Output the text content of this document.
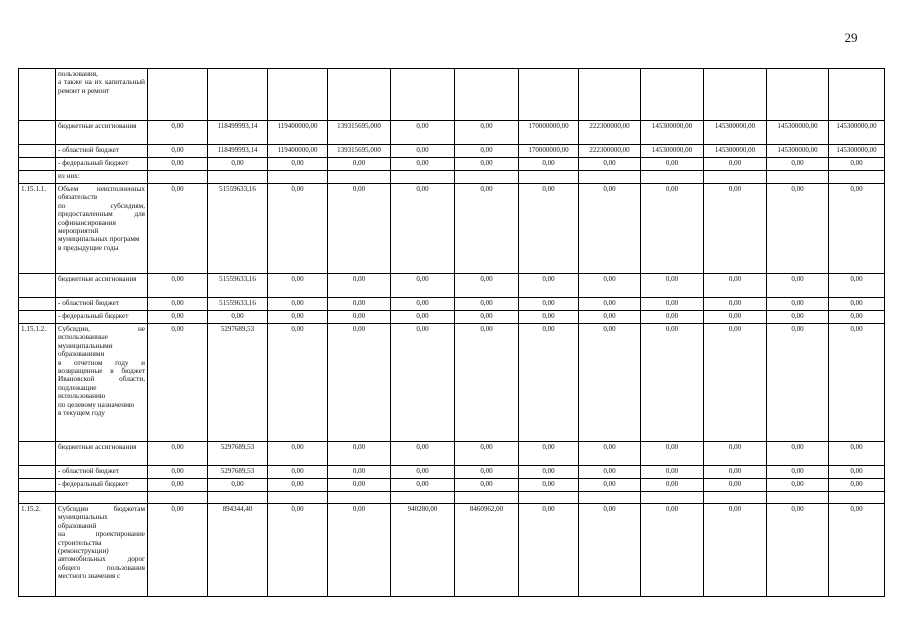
29
	пользования,
а также на их капитальный ремонт и ремонт												
	бюджетные ассигнования	0,00	118499993,14	119400000,00	139315695,000	0,00	0,00	170000000,00	222300000,00	145300000,00	145300000,00	145300000,00	145300000,00
	- областной бюджет	0,00	118499993,14	119400000,00	139315695,000	0,00	0,00	170000000,00	222300000,00	145300000,00	145300000,00	145300000,00	145300000,00
	- федеральный бюджет	0,00	0,00	0,00	0,00	0,00	0,00	0,00	0,00	0,00	0,00	0,00	0,00
	из них:												
1.15.1.1.	Объем неисполненных обязательств
по субсидиям, предоставленным для софинансирования мероприятий муниципальных программ
в предыдущие годы	0,00	51559633,16	0,00	0,00	0,00	0,00	0,00	0,00	0,00	0,00	0,00	0,00
	бюджетные ассигнования	0,00	51559633,16	0,00	0,00	0,00	0,00	0,00	0,00	0,00	0,00	0,00	0,00
	- областной бюджет	0,00	51559633,16	0,00	0,00	0,00	0,00	0,00	0,00	0,00	0,00	0,00	0,00
	- федеральный бюджет	0,00	0,00	0,00	0,00	0,00	0,00	0,00	0,00	0,00	0,00	0,00	0,00
1.15.1.2.	Субсидии, не использованные муниципальными образованиями
в отчетном году и возвращенные в бюджет Ивановской области, подлежащие использованию
по целевому назначению
в текущем году	0,00	5297689,53	0,00	0,00	0,00	0,00	0,00	0,00	0,00	0,00	0,00	0,00
	бюджетные ассигнования	0,00	5297689,53	0,00	0,00	0,00	0,00	0,00	0,00	0,00	0,00	0,00	0,00
	- областной бюджет	0,00	5297689,53	0,00	0,00	0,00	0,00	0,00	0,00	0,00	0,00	0,00	0,00
	- федеральный бюджет	0,00	0,00	0,00	0,00	0,00	0,00	0,00	0,00	0,00	0,00	0,00	0,00

1.15.2.	Субсидии бюджетам муниципальных образований
на проектирование строительства (реконструкции) автомобильных дорог общего пользования местного значения с	0,00	894344,40	0,00	0,00	940280,00	8460962,00	0,00	0,00	0,00	0,00	0,00	0,00
